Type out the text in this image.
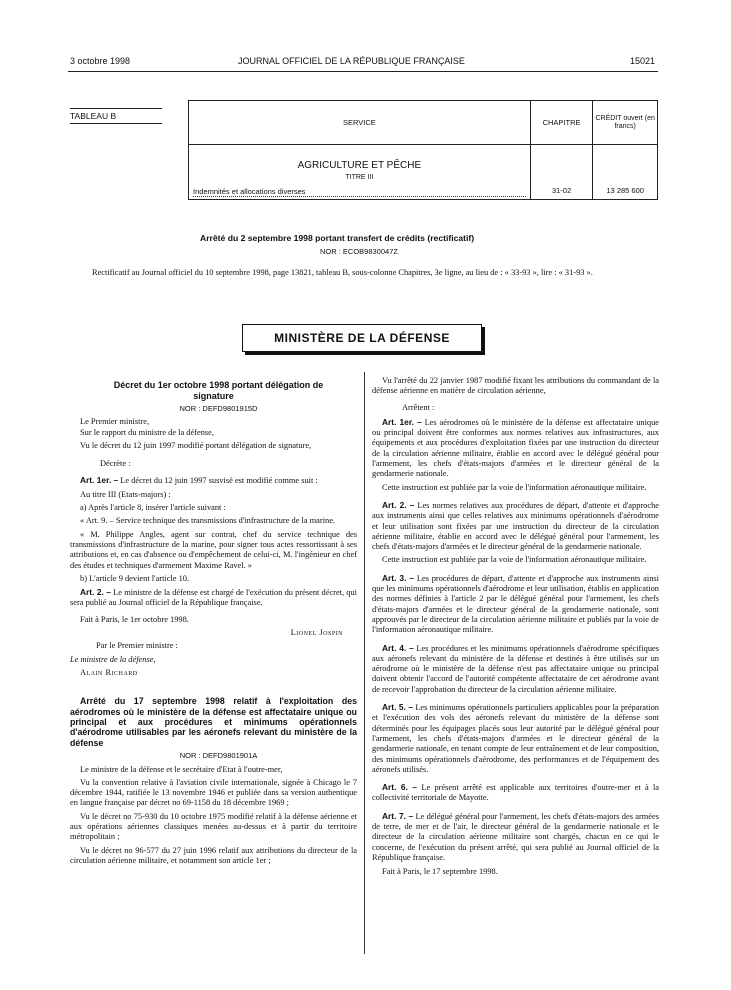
3 octobre 1998	JOURNAL OFFICIEL DE LA RÉPUBLIQUE FRANÇAISE	15021
TABLEAU B
SERVICE	CHAPITRE	CRÉDIT ouvert (en francs)

AGRICULTURE ET PÊCHE
TITRE III
Indemnités et allocations diverses	31-02	13 285 600
Arrêté du 2 septembre 1998 portant transfert de crédits (rectificatif)
NOR : ECOB9830047Z
Rectificatif au Journal officiel du 10 septembre 1998, page 13821, tableau B, sous-colonne Chapitres, 3e ligne, au lieu de : « 33-93 », lire : « 31-93 ».
MINISTÈRE DE LA DÉFENSE

Décret du 1er octobre 1998 portant délégation de signature

NOR : DEFD9801915D

Le Premier ministre,

Sur le rapport du ministre de la défense,

Vu le décret du 12 juin 1997 modifié portant délégation de signature,

Décrète :

Art. 1er. – Le décret du 12 juin 1997 susvisé est modifié comme suit :

Au titre III (Etats-majors) :

a) Après l'article 8, insérer l'article suivant :

« Art. 9. – Service technique des transmissions d'infrastructure de la marine.

« M. Philippe Angles, agent sur contrat, chef du service technique des transmissions d'infrastructure de la marine, pour signer tous actes ressortissant à ses attributions et, en cas d'absence ou d'empêchement de celui-ci, M. l'ingénieur en chef des études et techniques d'armement Maxime Ravel. »

b) L'article 9 devient l'article 10.

Art. 2. – Le ministre de la défense est chargé de l'exécution du présent décret, qui sera publié au Journal officiel de la République française.

Fait à Paris, le 1er octobre 1998.

Lionel Jospin

Par le Premier ministre :

Le ministre de la défense,

Alain Richard

Arrêté du 17 septembre 1998 relatif à l'exploitation des aérodromes où le ministère de la défense est affectataire unique ou principal et aux procédures et minimums opérationnels d'aérodrome utilisables par les aéronefs relevant du ministère de la défense

NOR : DEFD9801901A

Le ministre de la défense et le secrétaire d'Etat à l'outre-mer,

Vu la convention relative à l'aviation civile internationale, signée à Chicago le 7 décembre 1944, ratifiée le 13 novembre 1946 et publiée dans sa version authentique en langue française par décret no 69-1158 du 18 décembre 1969 ;

Vu le décret no 75-930 du 10 octobre 1975 modifié relatif à la défense aérienne et aux opérations aériennes classiques menées au-dessus et à partir du territoire métropolitain ;

Vu le décret no 96-577 du 27 juin 1996 relatif aux attributions du directeur de la circulation aérienne militaire, et notamment son article 1er ;

Vu l'arrêté du 22 janvier 1987 modifié fixant les attributions du commandant de la défense aérienne en matière de circulation aérienne,

Arrêtent :

Art. 1er. – Les aérodromes où le ministère de la défense est affectataire unique ou principal doivent être conformes aux normes relatives aux infrastructures, aux équipements et aux procédures d'exploitation fixées par une instruction du directeur de la circulation aérienne militaire, établie en accord avec le délégué général pour l'armement, les chefs d'états-majors d'armées et le directeur général de la gendarmerie nationale.

Cette instruction est publiée par la voie de l'information aéronautique militaire.

Art. 2. – Les normes relatives aux procédures de départ, d'attente et d'approche aux instruments ainsi que celles relatives aux minimums opérationnels d'aérodrome et leur utilisation sont fixées par une instruction du directeur de la circulation aérienne militaire, établie en accord avec le délégué général pour l'armement, les chefs d'états-majors d'armées et le directeur général de la gendarmerie nationale.

Cette instruction est publiée par la voie de l'information aéronautique militaire.

Art. 3. – Les procédures de départ, d'attente et d'approche aux instruments ainsi que les minimums opérationnels d'aérodrome et leur utilisation, établis en application des normes définies à l'article 2 par le délégué général pour l'armement, les chefs d'états-majors d'armées et le directeur général de la gendarmerie nationale, sont approuvés par le directeur de la circulation aérienne militaire et publiés par la voie de l'information aéronautique militaire.

Art. 4. – Les procédures et les minimums opérationnels d'aérodrome spécifiques aux aéronefs relevant du ministère de la défense et destinés à être utilisés sur un aérodrome où le ministère de la défense n'est pas affectataire unique ou principal doivent obtenir l'accord de l'autorité compétente affectataire de cet aérodrome avant de recevoir l'approbation du directeur de la circulation aérienne militaire.

Art. 5. – Les minimums opérationnels particuliers applicables pour la préparation et l'exécution des vols des aéronefs relevant du ministère de la défense sont déterminés pour les équipages placés sous leur autorité par le délégué général pour l'armement, les chefs d'états-majors d'armées et le directeur général de la gendarmerie nationale, en tenant compte de leur entraînement et de leur composition, des minimums opérationnels d'aérodrome, des performances et de l'équipement des aéronefs utilisés.

Art. 6. – Le présent arrêté est applicable aux territoires d'outre-mer et à la collectivité territoriale de Mayotte.

Art. 7. – Le délégué général pour l'armement, les chefs d'états-majors des armées de terre, de mer et de l'air, le directeur général de la gendarmerie nationale et le directeur de la circulation aérienne militaire sont chargés, chacun en ce qui le concerne, de l'exécution du présent arrêté, qui sera publié au Journal officiel de la République française.

Fait à Paris, le 17 septembre 1998.
